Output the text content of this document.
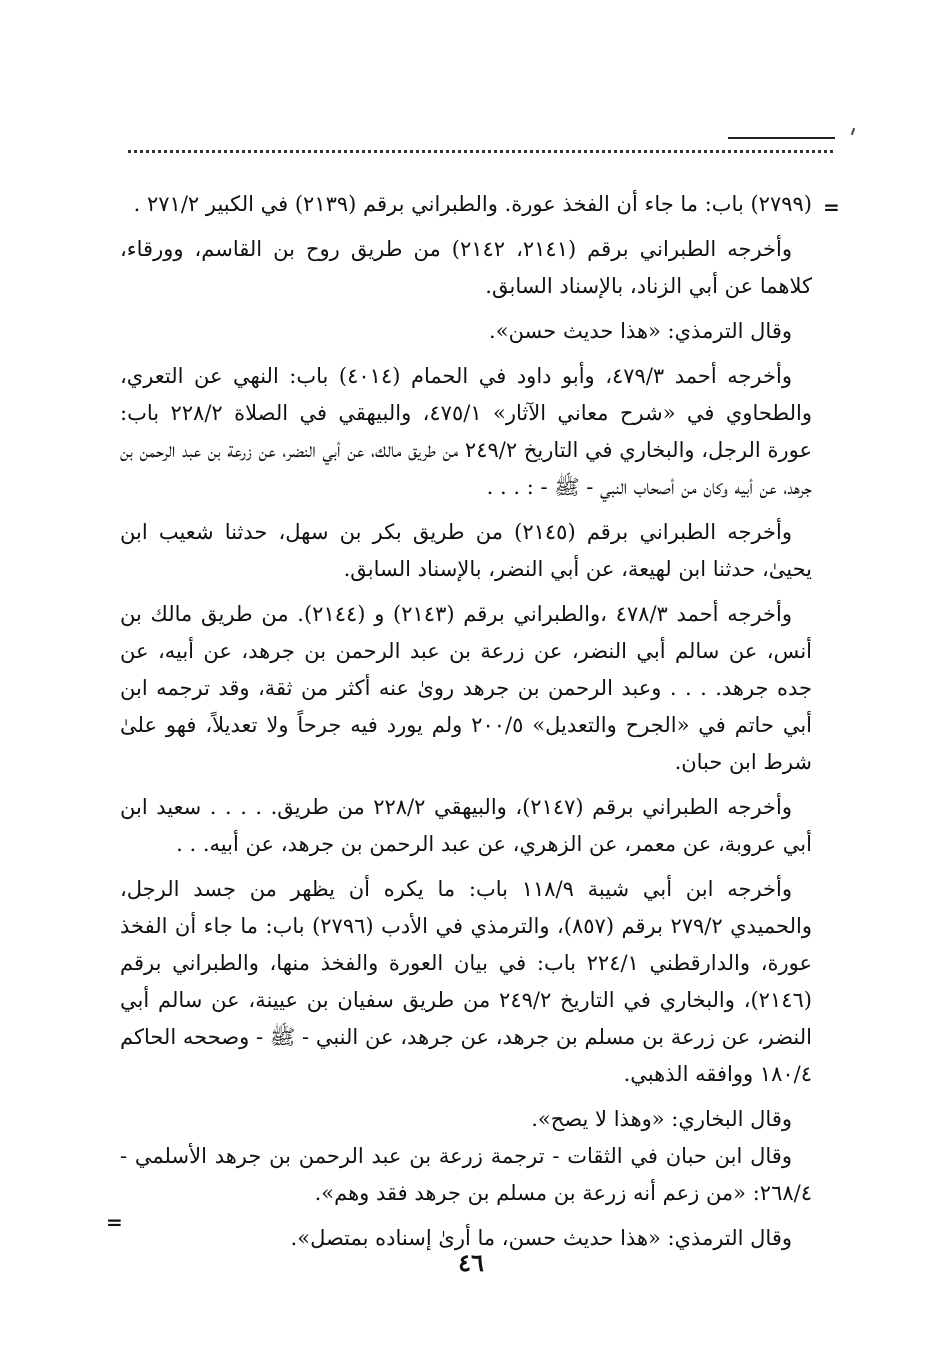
=

(٢٧٩٩) باب: ما جاء أن الفخذ عورة. والطبراني برقم (٢١٣٩) في الكبير ٢٧١/٢ .

وأخرجه الطبراني برقم (٢١٤١، ٢١٤٢) من طريق روح بن القاسم، وورقاء، كلاهما عن أبي الزناد، بالإسناد السابق.

وقال الترمذي: «هذا حديث حسن».

وأخرجه أحمد ٤٧٩/٣، وأبو داود في الحمام (٤٠١٤) باب: النهي عن التعري، والطحاوي في «شرح معاني الآثار» ٤٧٥/١، والبيهقي في الصلاة ٢٢٨/٢ باب: عورة الرجل، والبخاري في التاريخ ٢٤٩/٢ من طريق مالك، عن أبي النضر، عن زرعة بن عبد الرحمن بن جرهد، عن أبيه وكان من أصحاب النبي - ﷺ - : . . .

وأخرجه الطبراني برقم (٢١٤٥) من طريق بكر بن سهل، حدثنا شعيب ابن يحيىٰ، حدثنا ابن لهيعة، عن أبي النضر، بالإسناد السابق.

وأخرجه أحمد ٤٧٨/٣ ،والطبراني برقم (٢١٤٣) و (٢١٤٤). من طريق مالك بن أنس، عن سالم أبي النضر، عن زرعة بن عبد الرحمن بن جرهد، عن أبيه، عن جده جرهد. . . . وعبد الرحمن بن جرهد روىٰ عنه أكثر من ثقة، وقد ترجمه ابن أبي حاتم في «الجرح والتعديل» ٢٠٠/٥ ولم يورد فيه جرحاً ولا تعديلاً، فهو علىٰ شرط ابن حبان.

وأخرجه الطبراني برقم (٢١٤٧)، والبيهقي ٢٢٨/٢ من طريق. . . . . سعيد ابن أبي عروبة، عن معمر، عن الزهري، عن عبد الرحمن بن جرهد، عن أبيه. . .

وأخرجه ابن أبي شيبة ١١٨/٩ باب: ما يكره أن يظهر من جسد الرجل، والحميدي ٢٧٩/٢ برقم (٨٥٧)، والترمذي في الأدب (٢٧٩٦) باب: ما جاء أن الفخذ عورة، والدارقطني ٢٢٤/١ باب: في بيان العورة والفخذ منها، والطبراني برقم (٢١٤٦)، والبخاري في التاريخ ٢٤٩/٢ من طريق سفيان بن عيينة، عن سالم أبي النضر، عن زرعة بن مسلم بن جرهد، عن جرهد، عن النبي - ﷺ - وصححه الحاكم ١٨٠/٤ ووافقه الذهبي.

وقال البخاري: «وهذا لا يصح».

وقال ابن حبان في الثقات - ترجمة زرعة بن عبد الرحمن بن جرهد الأسلمي - ٢٦٨/٤: «من زعم أنه زرعة بن مسلم بن جرهد فقد وهم».

وقال الترمذي: «هذا حديث حسن، ما أرىٰ إسناده بمتصل».

=
٤٦
